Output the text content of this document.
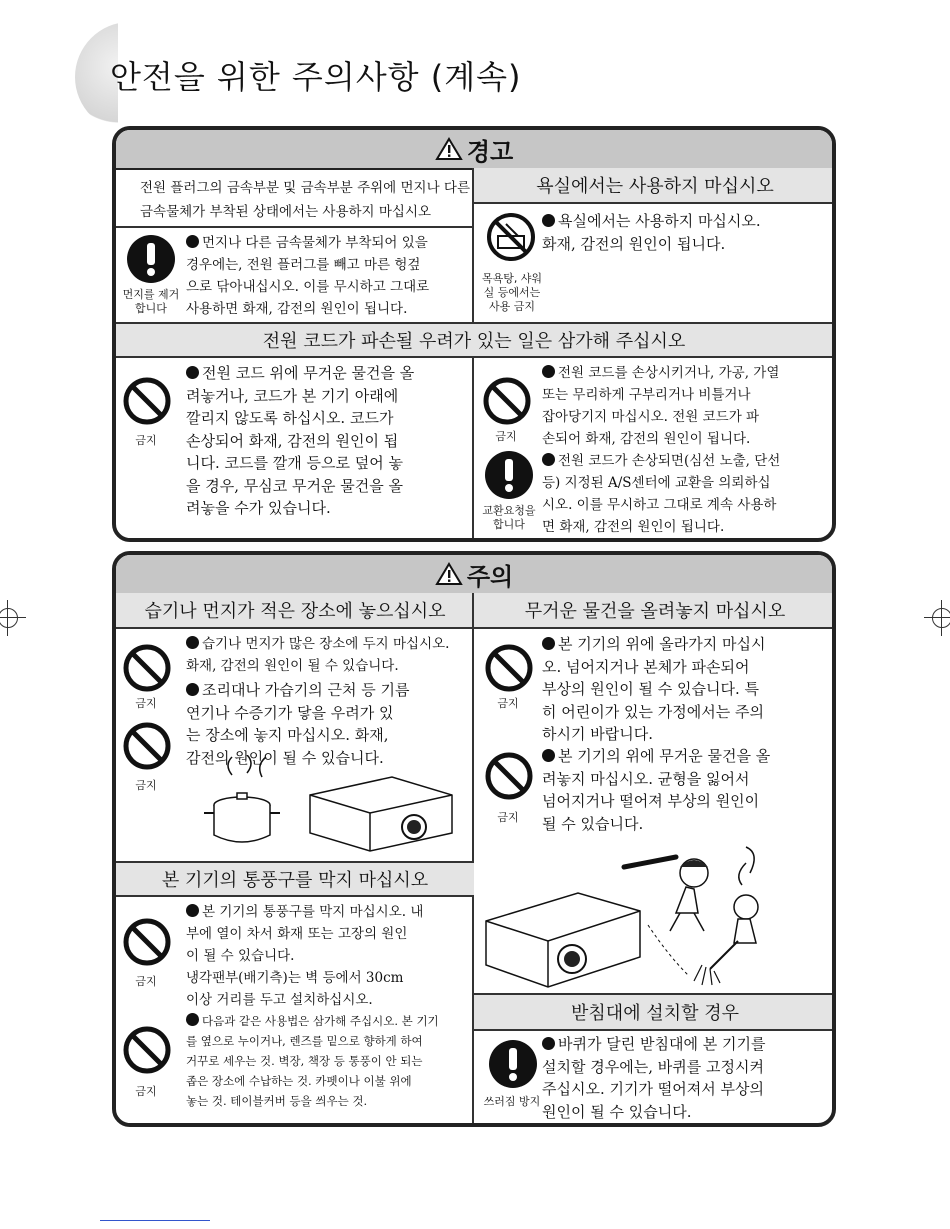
안전을 위한 주의사항 (계속)
경고
전원 플러그의 금속부분 및 금속부분 주위에 먼지나 다른
금속물체가 부착된 상태에서는 사용하지 마십시오
욕실에서는 사용하지 마십시오
먼지를 제거
합니다
먼지나 다른 금속물체가 부착되어 있을
경우에는, 전원 플러그를 빼고 마른 헝겊
으로 닦아내십시오. 이를 무시하고 그대로
사용하면 화재, 감전의 원인이 됩니다.
목욕탕, 샤워
실 등에서는
사용 금지
욕실에서는 사용하지 마십시오.
화재, 감전의 원인이 됩니다.
전원 코드가 파손될 우려가 있는 일은 삼가해 주십시오
금지
전원 코드 위에 무거운 물건을 올
려놓거나, 코드가 본 기기 아래에
깔리지 않도록 하십시오. 코드가
손상되어 화재, 감전의 원인이 됩
니다. 코드를 깔개 등으로 덮어 놓
을 경우, 무심코 무거운 물건을 올
려놓을 수가 있습니다.
금지
전원 코드를 손상시키거나, 가공, 가열
또는 무리하게 구부리거나 비틀거나
잡아당기지 마십시오. 전원 코드가 파
손되어 화재, 감전의 원인이 됩니다.
교환요청을
합니다
전원 코드가 손상되면(심선 노출, 단선
등) 지정된 A/S센터에 교환을 의뢰하십
시오. 이를 무시하고 그대로 계속 사용하
면 화재, 감전의 원인이 됩니다.
주의
습기나 먼지가 적은 장소에 놓으십시오	무거운 물건을 올려놓지 마십시오
금지
금지
습기나 먼지가 많은 장소에 두지 마십시오.
화재, 감전의 원인이 될 수 있습니다.
조리대나 가습기의 근처 등 기름
연기나 수증기가 닿을 우려가 있
는 장소에 놓지 마십시오. 화재,
감전의 원인이 될 수 있습니다.
금지
본 기기의 위에 올라가지 마십시
오. 넘어지거나 본체가 파손되어
부상의 원인이 될 수 있습니다. 특
히 어린이가 있는 가정에서는 주의
하시기 바랍니다.
금지
본 기기의 위에 무거운 물건을 올
려놓지 마십시오. 균형을 잃어서
넘어지거나 떨어져 부상의 원인이
될 수 있습니다.
본 기기의 통풍구를 막지 마십시오
금지
본 기기의 통풍구를 막지 마십시오. 내
부에 열이 차서 화재 또는 고장의 원인
이 될 수 있습니다.
냉각팬부(배기측)는 벽 등에서 30cm
이상 거리를 두고 설치하십시오.
금지
다음과 같은 사용법은 삼가해 주십시오. 본 기기
를 옆으로 누이거나, 렌즈를 밑으로 향하게 하여
거꾸로 세우는 것. 벽장, 책장 등 통풍이 안 되는
좁은 장소에 수납하는 것. 카펫이나 이불 위에
놓는 것. 테이블커버 등을 씌우는 것.
받침대에 설치할 경우
쓰러짐 방지
바퀴가 달린 받침대에 본 기기를
설치할 경우에는, 바퀴를 고정시켜
주십시오. 기기가 떨어져서 부상의
원인이 될 수 있습니다.
